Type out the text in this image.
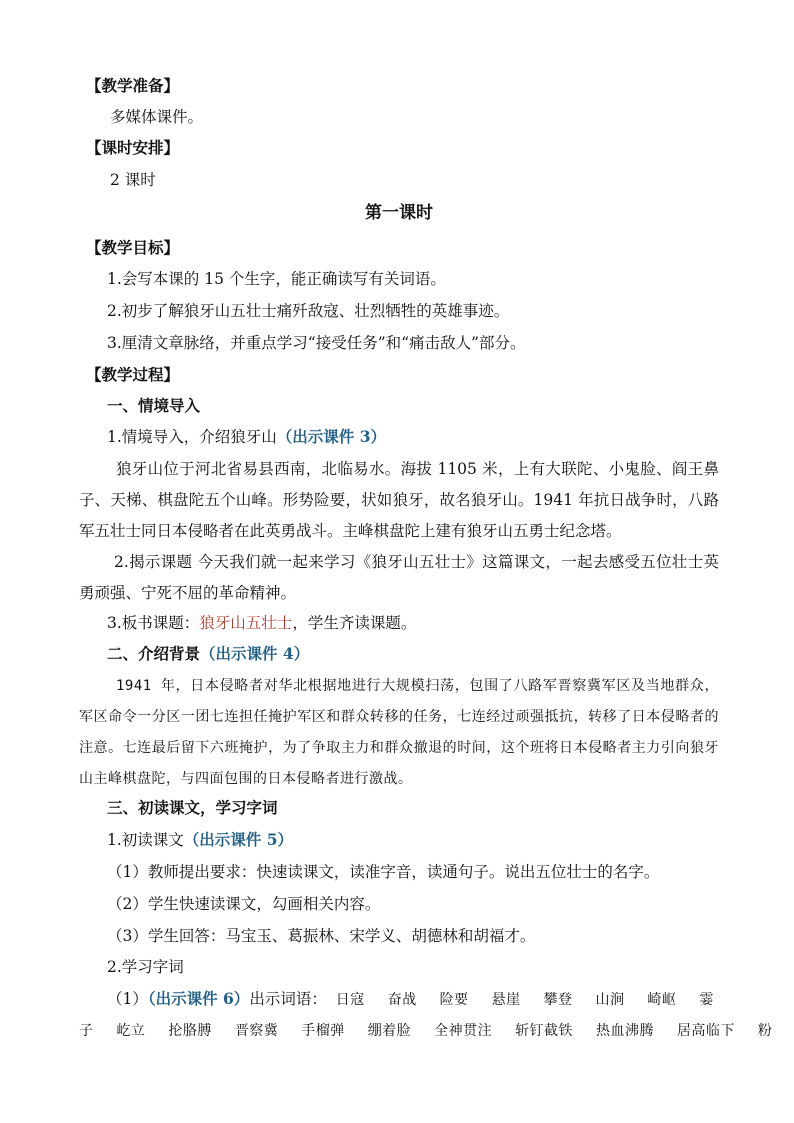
【教学准备】
多媒体课件。
【课时安排】
2 课时
第一课时
【教学目标】
1.会写本课的 15 个生字，能正确读写有关词语。
2.初步了解狼牙山五壮士痛歼敌寇、壮烈牺牲的英雄事迹。
3.厘清文章脉络，并重点学习“接受任务”和“痛击敌人”部分。
【教学过程】
一、情境导入
1.情境导入，介绍狼牙山（出示课件 3）
狼牙山位于河北省易县西南，北临易水。海拔 1105 米，上有大联陀、小鬼脸、阎王鼻子、天梯、棋盘陀五个山峰。形势险要，状如狼牙，故名狼牙山。1941 年抗日战争时，八路军五壮士同日本侵略者在此英勇战斗。主峰棋盘陀上建有狼牙山五勇士纪念塔。
2.揭示课题 今天我们就一起来学习《狼牙山五壮士》这篇课文，一起去感受五位壮士英勇顽强、宁死不屈的革命精神。
3.板书课题：狼牙山五壮士，学生齐读课题。
二、介绍背景（出示课件 4）
1941 年，日本侵略者对华北根据地进行大规模扫荡，包围了八路军晋察冀军区及当地群众，军区命令一分区一团七连担任掩护军区和群众转移的任务，七连经过顽强抵抗，转移了日本侵略者的注意。七连最后留下六班掩护，为了争取主力和群众撤退的时间，这个班将日本侵略者主力引向狼牙山主峰棋盘陀，与四面包围的日本侵略者进行激战。
三、初读课文，学习字词
1.初读课文（出示课件 5）
（1）教师提出要求：快速读课文，读准字音，读通句子。说出五位壮士的名字。
（2）学生快速读课文，勾画相关内容。
（3）学生回答：马宝玉、葛振林、宋学义、胡德林和胡福才。
2.学习字词
（1）（出示课件 6）出示词语： 日寇 奋战 险要 悬崖 攀登 山涧 崎岖 霎
子 屹立 抡胳膊 晋察冀 手榴弹 绷着脸 全神贯注 斩钉截铁 热血沸腾 居高临下 粉
